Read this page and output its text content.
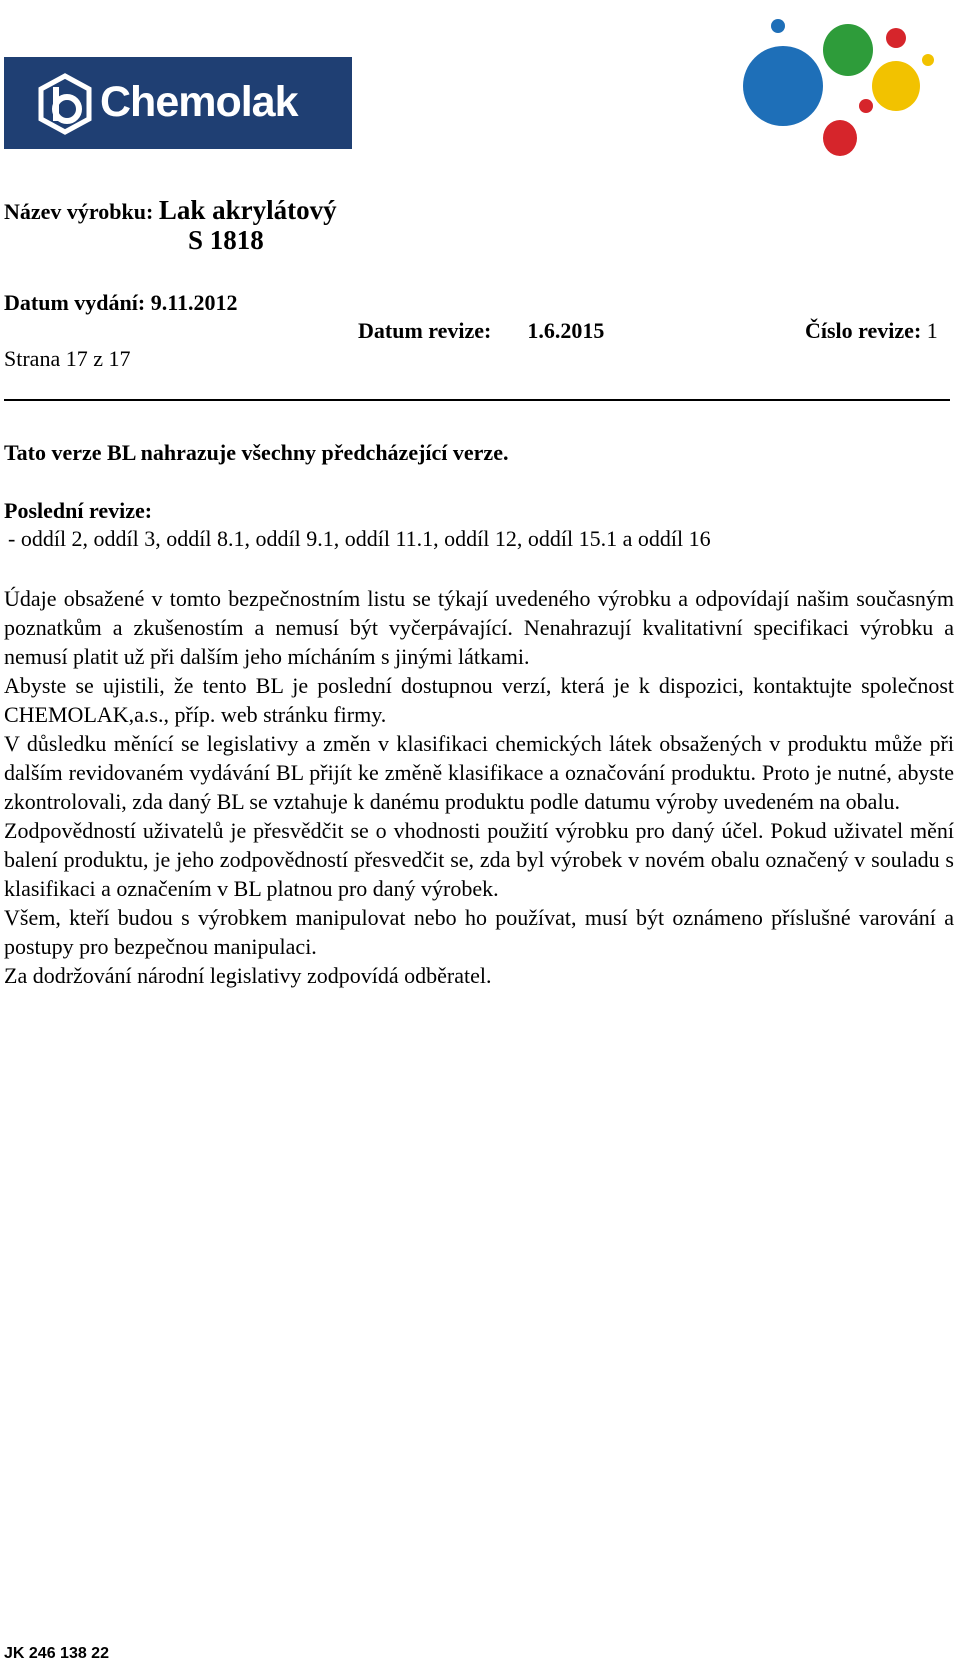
Chemolak
Název výrobku: Lak akrylátový
S 1818
Datum vydání: 9.11.2012
Datum revize: 1.6.2015	Číslo revize: 1
Strana 17 z 17
Tato verze BL nahrazuje všechny předcházející verze.
Poslední revize:
- oddíl 2, oddíl 3, oddíl 8.1, oddíl 9.1, oddíl 11.1, oddíl 12, oddíl 15.1 a oddíl 16

Údaje obsažené v tomto bezpečnostním listu se týkají uvedeného výrobku a odpovídají našim současným poznatkům a zkušenostím a nemusí být vyčerpávající. Nenahrazují kvalitativní specifikaci výrobku a nemusí platit už při dalším jeho mícháním s jinými látkami.

Abyste se ujistili, že tento BL je poslední dostupnou verzí, která je k dispozici, kontaktujte společnost CHEMOLAK,a.s., příp. web stránku firmy.

V důsledku měnící se legislativy a změn v klasifikaci chemických látek obsažených v produktu může při dalším revidovaném vydávání BL přijít ke změně klasifikace a označování produktu. Proto je nutné, abyste zkontrolovali, zda daný BL se vztahuje k danému produktu podle datumu výroby uvedeném na obalu.

Zodpovědností uživatelů je přesvědčit se o vhodnosti použití výrobku pro daný účel. Pokud uživatel mění balení produktu, je jeho zodpovědností přesvedčit se, zda byl výrobek v novém obalu označený v souladu s klasifikaci a označením v BL platnou pro daný výrobek.

Všem, kteří budou s výrobkem manipulovat nebo ho používat, musí být oznámeno příslušné varování a postupy pro bezpečnou manipulaci.

Za dodržování národní legislativy zodpovídá odběratel.

JK 246 138 22
